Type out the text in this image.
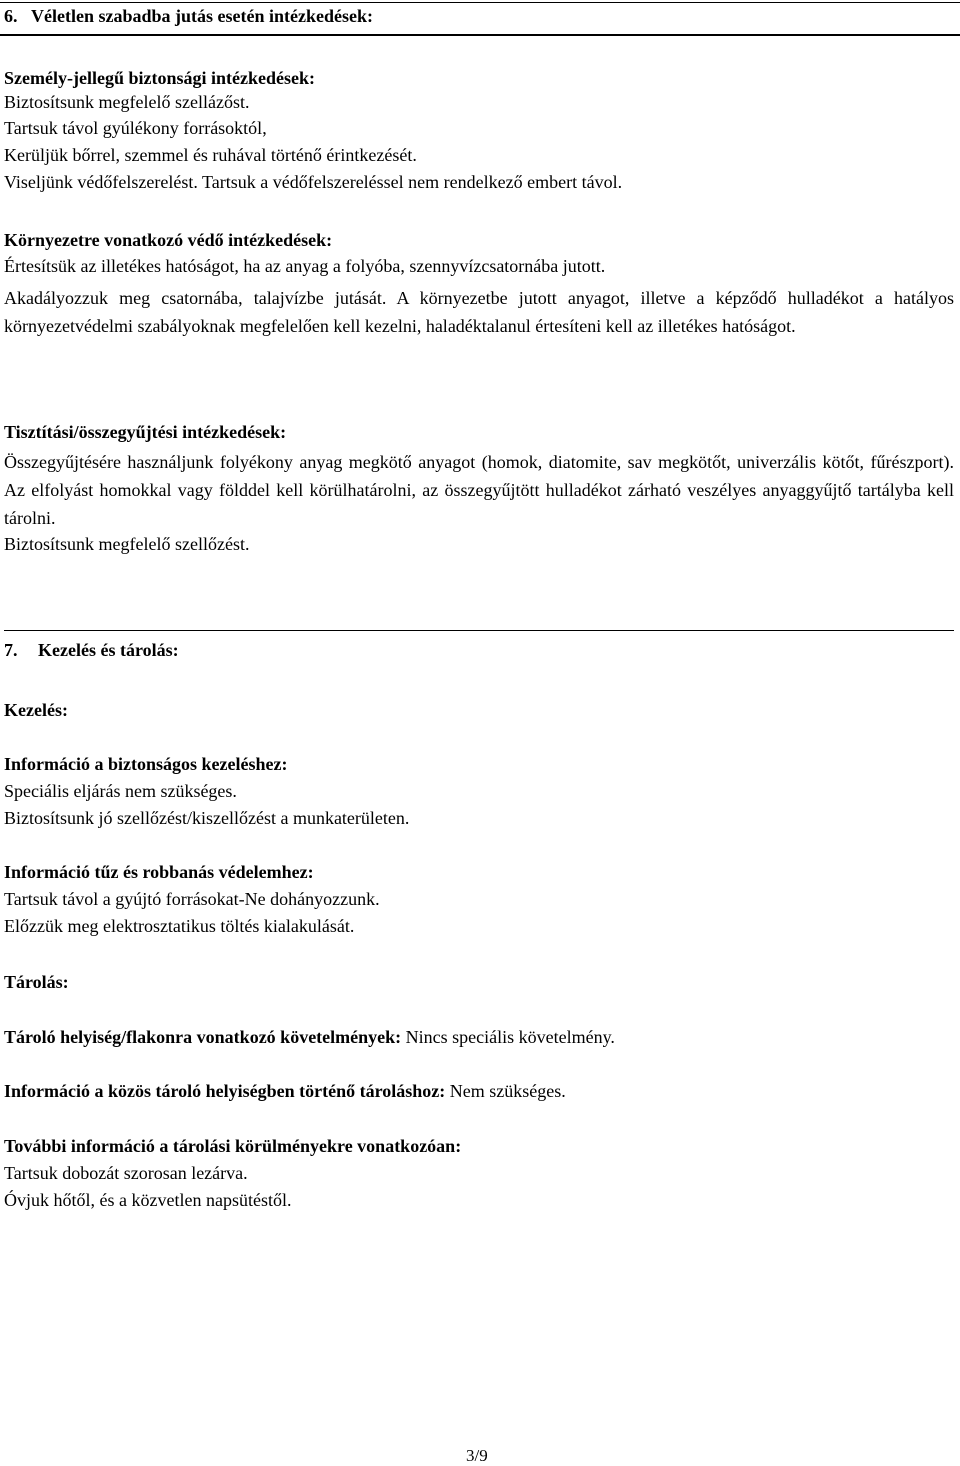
6.   Véletlen szabadba jutás esetén intézkedések:
Személy-jellegű biztonsági intézkedések:
Biztosítsunk megfelelő szellázőst.
Tartsuk távol gyúlékony forrásoktól,
Kerüljük bőrrel, szemmel és ruhával történő érintkezését.
Viseljünk védőfelszerelést. Tartsuk a védőfelszereléssel nem rendelkező embert távol.
Környezetre vonatkozó védő intézkedések:
Értesítsük az illetékes hatóságot, ha az anyag a folyóba, szennyvízcsatornába jutott.
Akadályozzuk meg csatornába, talajvízbe jutását. A környezetbe jutott anyagot, illetve a képződő hulladékot a hatályos környezetvédelmi szabályoknak megfelelően kell kezelni, haladéktalanul értesíteni kell az illetékes hatóságot.
Tisztítási/összegyűjtési intézkedések:
Összegyűjtésére használjunk folyékony anyag megkötő anyagot (homok, diatomite, sav megkötőt, univerzális kötőt, fűrészport). Az elfolyást homokkal vagy földdel kell körülhatárolni, az összegyűjtött hulladékot zárható veszélyes anyaggyűjtő tartályba kell tárolni.
Biztosítsunk megfelelő szellőzést.
7. Kezelés és tárolás:
Kezelés:
Információ a biztonságos kezeléshez:
Speciális eljárás nem szükséges.
Biztosítsunk jó szellőzést/kiszellőzést a munkaterületen.
Információ tűz és robbanás védelemhez:
Tartsuk távol a gyújtó forrásokat-Ne dohányozzunk.
Előzzük meg elektrosztatikus töltés kialakulását.
Tárolás:
Tároló helyiség/flakonra vonatkozó követelmények: Nincs speciális követelmény.
Információ a közös tároló helyiségben történő tároláshoz: Nem szükséges.
További információ a tárolási körülményekre vonatkozóan:
Tartsuk dobozát szorosan lezárva.
Óvjuk hőtől, és a közvetlen napsütéstől.
3/9
